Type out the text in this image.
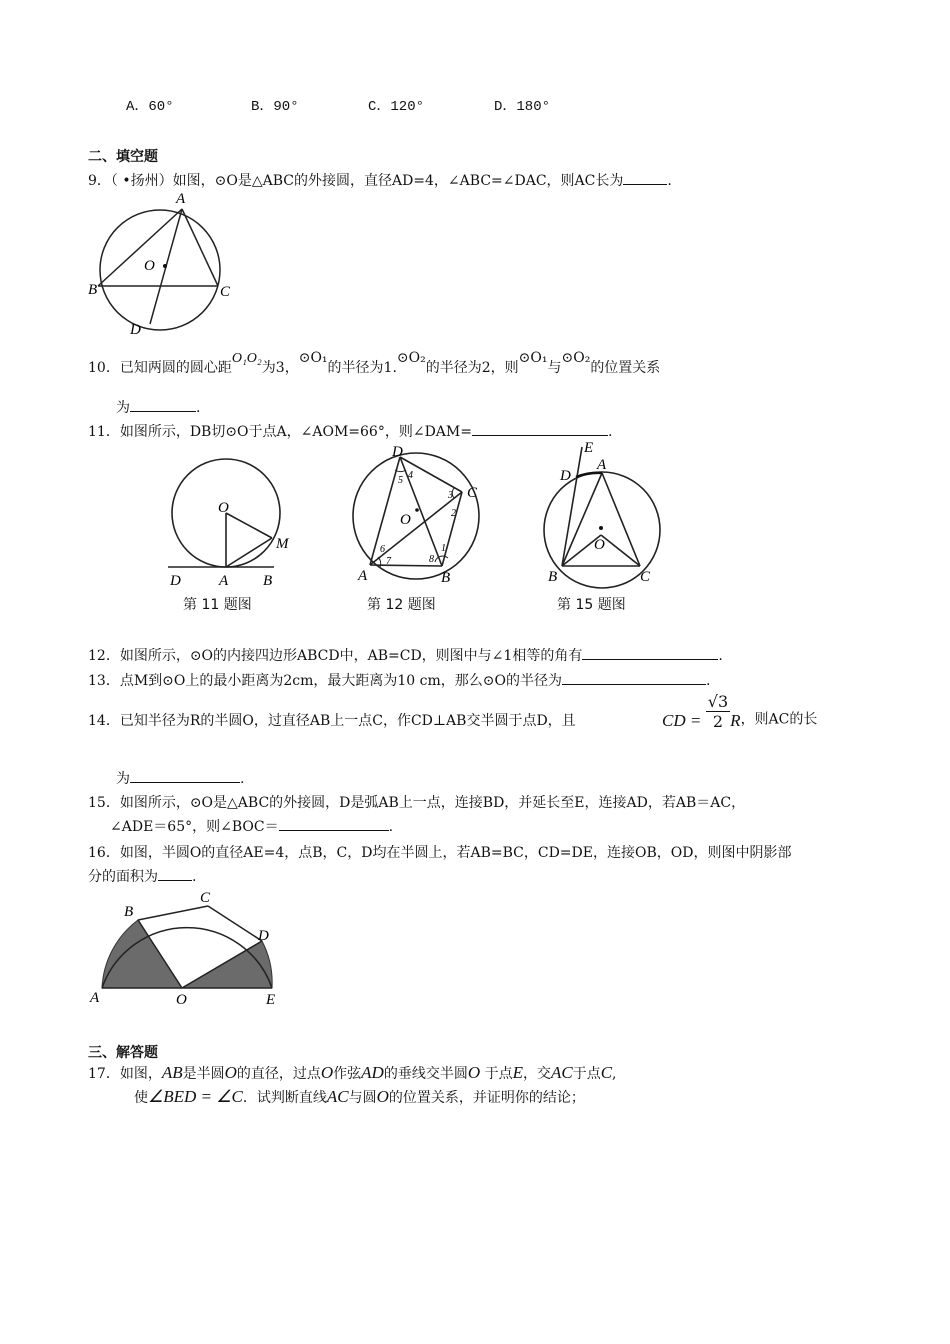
A．60°	B．90°	C．120°	D．180°
二、填空题
9．（ •扬州）如图，⊙O是△ABC的外接圆，直径AD=4，∠ABC=∠DAC，则AC长为	.
A
O
B	C
D
10．已知两圆的圆心距O₁O₂为3，⊙O₁的半径为1.⊙O₂的半径为2，则⊙O₁与⊙O₂的位置关系
为	.
11．如图所示，DB切⊙O于点A，∠AOM=66°，则∠DAM=	.
O
M
D	A B
第 11 题图
D
C
O
A	B
1
2
3
4
5
6
7	8
第 12 题图
E
D
A
O
B	C
第 15 题图
12．如图所示，⊙O的内接四边形ABCD中，AB=CD，则图中与∠1相等的角有	.
13．点M到⊙O上的最小距离为2cm，最大距离为10 cm，那么⊙O的半径为	.
14．已知半径为R的半圆O，过直径AB上一点C，作CD⊥AB交半圆于点D，且	CD = $\frac{√3}{2}$ R，则AC的长
为	.
15．如图所示，⊙O是△ABC的外接圆，D是弧AB上一点，连接BD，并延长至E，连接AD，若AB＝AC，
∠ADE＝65°，则∠BOC＝	.
16．如图，半圆O的直径AE=4，点B，C，D均在半圆上，若AB=BC，CD=DE，连接OB，OD，则图中阴影部
分的面积为 .
A
B
C
D
O	E
三、解答题
17．如图，AB是半圆O的直径，过点O作弦AD的垂线交半圆O 于点E，交AC于点C,
使∠BED = ∠C．试判断直线AC与圆O的位置关系，并证明你的结论；
